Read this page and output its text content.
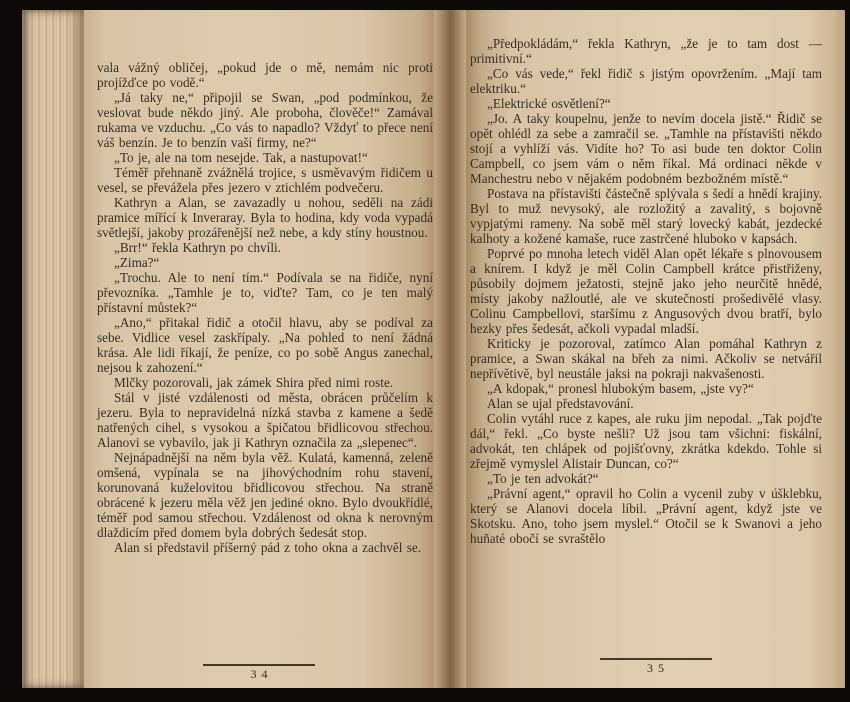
vala vážný obličej, „pokud jde o mě, nemám nic proti projížďce po vodě.“

„Já taky ne,“ připojil se Swan, „pod podmínkou, že veslovat bude někdo jiný. Ale proboha, člověče!“ Zamával rukama ve vzduchu. „Co vás to napadlo? Vždyť to přece není váš benzín. Je to benzín vaší firmy, ne?“

„To je, ale na tom nesejde. Tak, a nastupovat!“

Téměř přehnaně zvážnělá trojice, s usměvavým řidičem u vesel, se převážela přes jezero v ztichlém podvečeru.

Kathryn a Alan, se zavazadly u nohou, seděli na zádi pramice mířící k Inveraray. Byla to hodina, kdy voda vypadá světlejší, jakoby prozářenější než nebe, a kdy stíny houstnou.

„Brr!“ řekla Kathryn po chvíli.

„Zima?“

„Trochu. Ale to není tím.“ Podívala se na řidiče, nyní převozníka. „Tamhle je to, viďte? Tam, co je ten malý přístavní můstek?“

„Ano,“ přitakal řidič a otočil hlavu, aby se podíval za sebe. Vidlice vesel zaskřípaly. „Na pohled to není žádná krása. Ale lidi říkají, že peníze, co po sobě Angus zanechal, nejsou k zahození.“

Mlčky pozorovali, jak zámek Shira před nimi roste.

Stál v jisté vzdálenosti od města, obrácen průčelím k jezeru. Byla to nepravidelná nízká stavba z kamene a šedě natřených cihel, s vysokou a špičatou břidlicovou střechou. Alanovi se vybavilo, jak ji Kathryn označila za „slepenec“.

Nejnápadnější na něm byla věž. Kulatá, kamenná, zeleně omšená, vypínala se na jihovýchodním rohu stavení, korunovaná kuželovitou břidlicovou střechou. Na straně obrácené k jezeru měla věž jen jediné okno. Bylo dvoukřídlé, téměř pod samou střechou. Vzdálenost od okna k nerovným dlaždicím před domem byla dobrých šedesát stop.

Alan si představil příšerný pád z toho okna a zachvěl se.

34

„Předpokládám,“ řekla Kathryn, „že je to tam dost — primitivní.“

„Co vás vede,“ řekl řidič s jistým opovržením. „Mají tam elektriku.“

„Elektrické osvětlení?“

„Jo. A taky koupelnu, jenže to nevím docela jistě.“ Řidič se opět ohlédl za sebe a zamračil se. „Tamhle na přístavišti někdo stojí a vyhlíží vás. Vidíte ho? To asi bude ten doktor Colin Campbell, co jsem vám o něm říkal. Má ordinaci někde v Manchestru nebo v nějakém podobném bezbožném místě.“

Postava na přístavišti částečně splývala s šedí a hnědí krajiny. Byl to muž nevysoký, ale rozložitý a zavalitý, s bojovně vypjatými rameny. Na sobě měl starý lovecký kabát, jezdecké kalhoty a kožené kamaše, ruce zastrčené hluboko v kapsách.

Poprvé po mnoha letech viděl Alan opět lékaře s plnovousem a knírem. I když je měl Colin Campbell krátce přistřiženy, působily dojmem ježatosti, stejně jako jeho neurčitě hnědé, místy jakoby nažloutlé, ale ve skutečnosti prošedivělé vlasy. Colinu Campbellovi, staršímu z Angusových dvou bratří, bylo hezky přes šedesát, ačkoli vypadal mladší.

Kriticky je pozoroval, zatímco Alan pomáhal Kathryn z pramice, a Swan skákal na břeh za nimi. Ačkoliv se netvářil nepřívětivě, byl neustále jaksi na pokraji nakvašenosti.

„A kdopak,“ pronesl hlubokým basem, „jste vy?“

Alan se ujal představování.

Colin vytáhl ruce z kapes, ale ruku jim nepodal. „Tak pojďte dál,“ řekl. „Co byste nešli? Už jsou tam všichni: fiskální, advokát, ten chlápek od pojišťovny, zkrátka kdekdo. Tohle si zřejmě vymyslel Alistair Duncan, co?“

„To je ten advokát?“

„Právní agent,“ opravil ho Colin a vycenil zuby v úšklebku, který se Alanovi docela líbil. „Právní agent, když jste ve Skotsku. Ano, toho jsem myslel.“ Otočil se k Swanovi a jeho huňaté obočí se svraštělo

35
